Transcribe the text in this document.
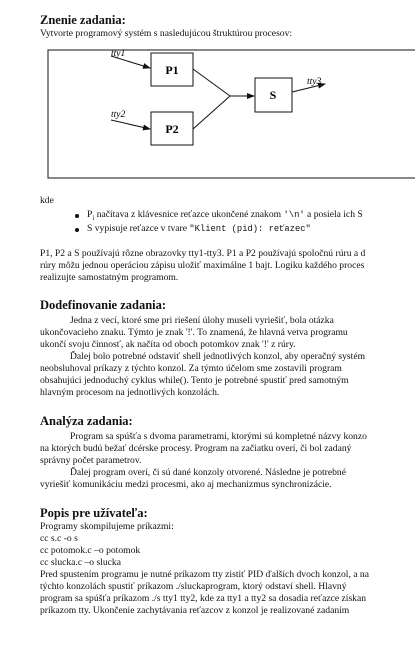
Znenie zadania:

Vytvorte programový systém s nasledujúcou štruktúrou procesov:

P1
P2
S
tty1
tty2
tty3

kde

$P_i$ načítava z klávesnice reťazce ukončené znakom '\n' a posiela ich S

S vypisuje reťazce v tvare "Klient (pid): reťazec"

P1, P2 a S používajú rôzne obrazovky tty1-tty3. P1 a P2 používajú spoločnú rúru a d

rúry môžu jednou operáciou zápisu uložiť maximálne 1 bajt. Logiku každého proces

realizujte samostatným programom.

Dodefinovanie zadania:

Jedna z vecí, ktoré sme pri riešení úlohy museli vyriešiť, bola otázka

ukončovacieho znaku. Týmto je znak '!'. To znamená, že hlavná vetva programu

ukončí svoju činnosť, ak načíta od oboch potomkov znak '!' z rúry.

Ďalej bolo potrebné odstaviť shell jednotlivých konzol, aby operačný systém

neobsluhoval príkazy z týchto konzol. Za týmto účelom sme zostavili program

obsahujúci jednoduchý cyklus while(). Tento je potrebné spustiť pred samotným

hlavným procesom na jednotlivých konzolách.

Analýza zadania:

Program sa spúšťa s dvoma parametrami, ktorými sú kompletné názvy konzo

na ktorých budú bežať dcérske procesy. Program na začiatku overí, či bol zadaný

správny počet parametrov.

Ďalej program overí, či sú dané konzoly otvorené. Následne je potrebné

vyriešiť komunikáciu medzi procesmi, ako aj mechanizmus synchronizácie.

Popis pre užívateľa:

Programy skompilujeme príkazmi:

cc s.c -o s

cc potomok.c –o potomok

cc slucka.c –o slucka

Pred spustením programu je nutné príkazom tty zistiť PID ďalších dvoch konzol, a na

týchto konzolách spustiť príkazom ./sluckaprogram, ktorý odstaví shell. Hlavný

program sa spúšťa príkazom ./s tty1 tty2, kde za tty1 a tty2 sa dosadia reťazce získan

príkazom tty. Ukončenie zachytávania reťazcov z konzol je realizované zadaním
